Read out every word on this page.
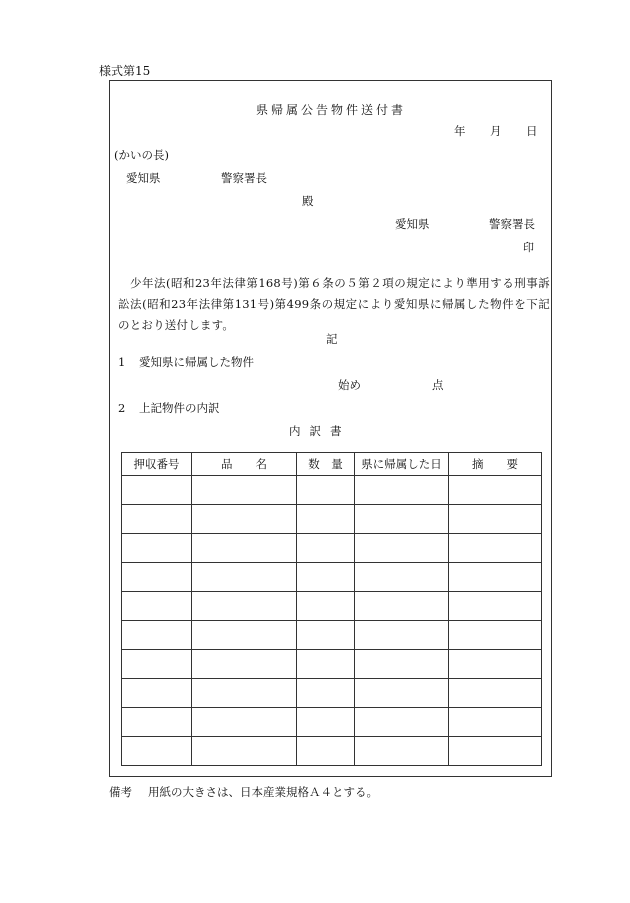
様式第15
県帰属公告物件送付書
年 月 日
(かいの長)
愛知県	警察署長
殿
愛知県	警察署長
印
少年法(昭和23年法律第168号)第６条の５第２項の規定により準用する刑事訴訟法(昭和23年法律第131号)第499条の規定により愛知県に帰属した物件を下記のとおり送付します。
記
1 愛知県に帰属した物件
始め	点
2 上記物件の内訳
内訳書
押収番号	品　　名	数　量	県に帰属した日	摘　　要

備考 用紙の大きさは、日本産業規格Ａ４とする。
